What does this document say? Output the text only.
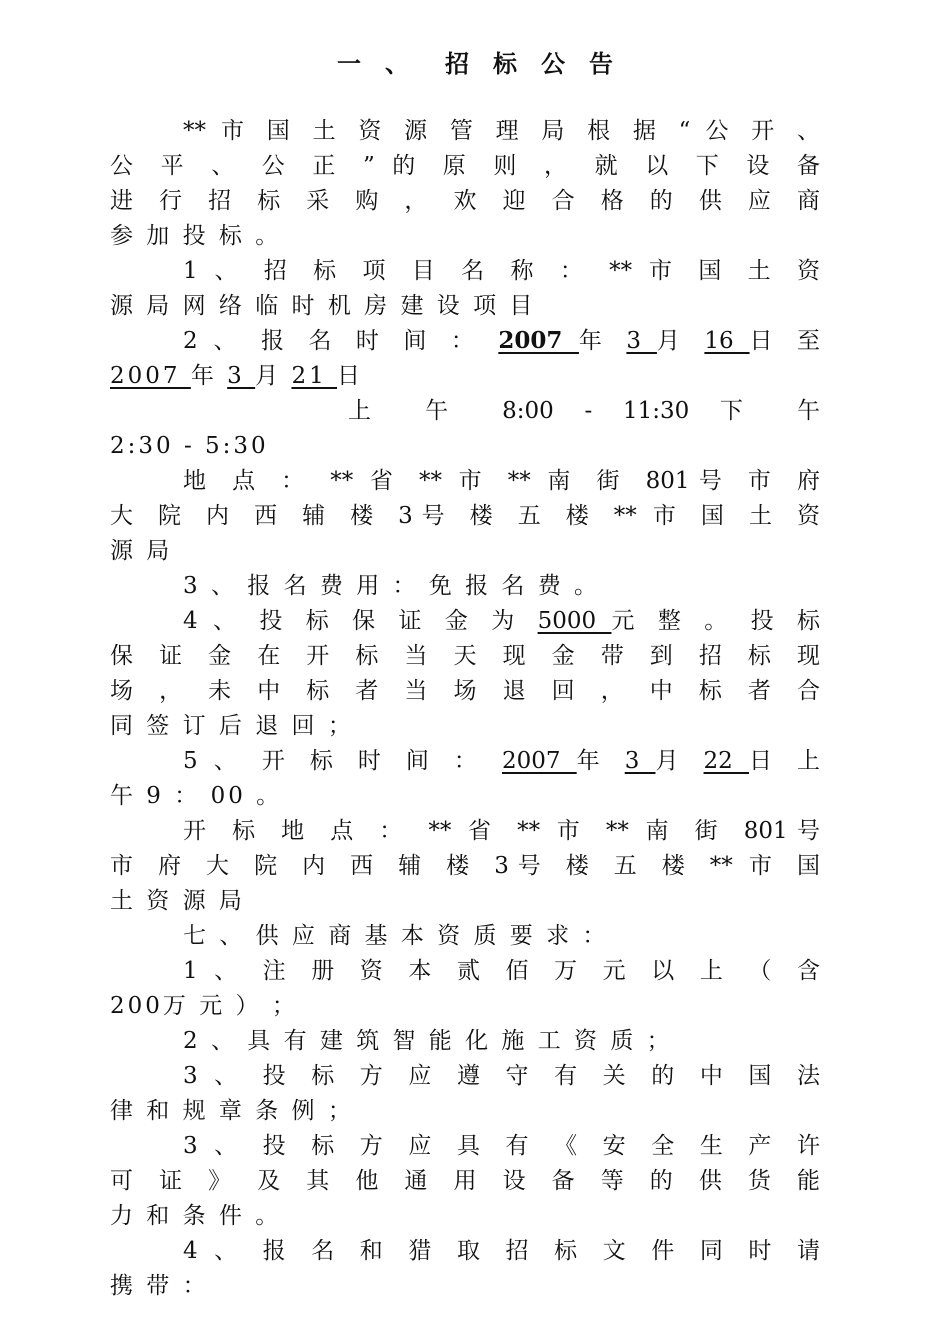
一　、　　招　标　公　告
** 市 国 土 资 源 管 理 局 根 据 “ 公 开 、
公 平 、 公 正 ” 的 原 则 ， 就 以 下 设 备
进 行 招 标 采 购 ， 欢 迎 合 格 的 供 应 商
参 加 投 标 。
1 、 招 标 项 目 名 称 ： ** 市 国 土 资
源 局 网 络 临 时 机 房 建 设 项 目
2 、 报 名 时 间 ： 2007 年 3 月 16 日 至
2007 年 3 月 21 日
上 午 8:00 - 11:30 下 午
2:30 - 5:30
地 点 ： ** 省 ** 市 ** 南 街 801号 市 府
大 院 内 西 辅 楼 3号 楼 五 楼 ** 市 国 土 资
源 局
3 、 报 名 费 用 ： 免 报 名 费 。
4 、 投 标 保 证 金 为 5000 元 整 。 投 标
保 证 金 在 开 标 当 天 现 金 带 到 招 标 现
场 ， 未 中 标 者 当 场 退 回 ， 中 标 者 合
同 签 订 后 退 回 ；
5 、 开 标 时 间 ： 2007 年 3 月 22 日 上
午 9 ： 00 。
开 标 地 点 ： ** 省 ** 市 ** 南 街 801号
市 府 大 院 内 西 辅 楼 3号 楼 五 楼 ** 市 国
土 资 源 局
七 、 供 应 商 基 本 资 质 要 求 ：
1 、 注 册 资 本 贰 佰 万 元 以 上 （ 含
200万 元 ） ；
2 、 具 有 建 筑 智 能 化 施 工 资 质 ；
3 、 投 标 方 应 遵 守 有 关 的 中 国 法
律 和 规 章 条 例 ；
3 、 投 标 方 应 具 有 《 安 全 生 产 许
可 证 》 及 其 他 通 用 设 备 等 的 供 货 能
力 和 条 件 。
4 、 报 名 和 猎 取 招 标 文 件 同 时 请
携 带 ：
